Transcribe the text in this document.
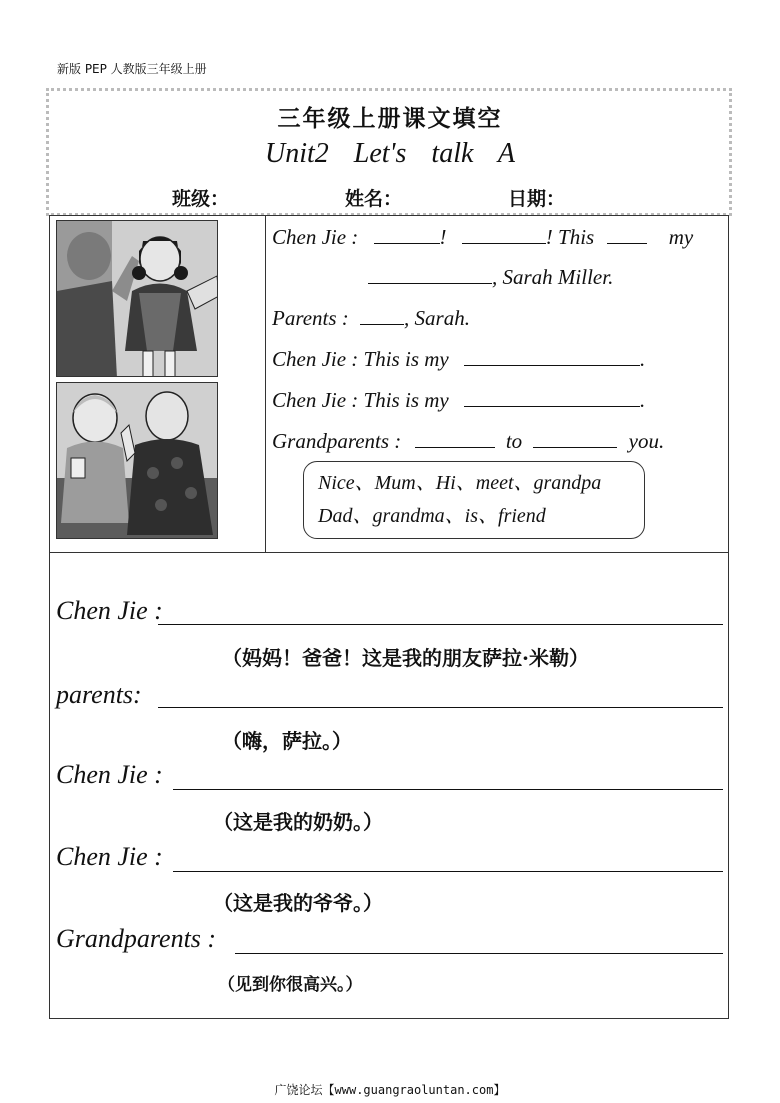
新版 PEP 人教版三年级上册
三年级上册课文填空
Unit2 Let's talk A
班级：	姓名：	日期：
Chen Jie :	!	! This	my
, Sarah Miller.
Parents :	, Sarah.
Chen Jie : This is my	.
Chen Jie : This is my	.
Grandparents :	to	you.
Nice、Mum、Hi、meet、grandpa
Dad、grandma、is、friend
Chen Jie :
（妈妈！爸爸！这是我的朋友萨拉·米勒）
parents:
（嗨，萨拉。）
Chen Jie :
（这是我的奶奶。）
Chen Jie :
（这是我的爷爷。）
Grandparents :
（见到你很高兴。）
广饶论坛【www.guangraoluntan.com】
